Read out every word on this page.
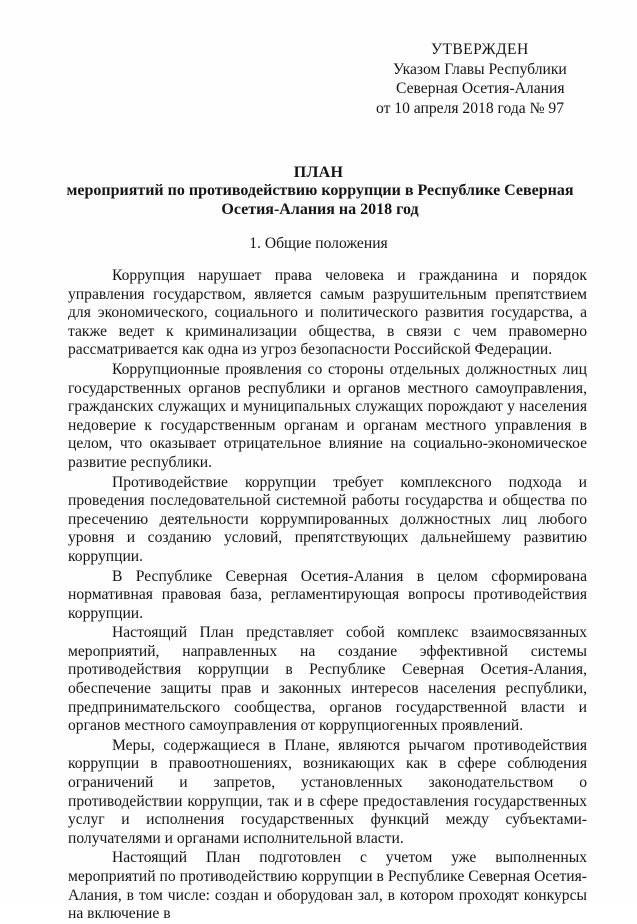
УТВЕРЖДЕН
Указом Главы Республики
Северная Осетия-Алания
от 10 апреля 2018 года № 97
ПЛАН
мероприятий по противодействию коррупции в Республике Северная Осетия-Алания на 2018 год
1. Общие положения

Коррупция нарушает права человека и гражданина и порядок управления государством, является самым разрушительным препятствием для экономического, социального и политического развития государства, а также ведет к криминализации общества, в связи с чем правомерно рассматривается как одна из угроз безопасности Российской Федерации.

Коррупционные проявления со стороны отдельных должностных лиц государственных органов республики и органов местного самоуправления, гражданских служащих и муниципальных служащих порождают у населения недоверие к государственным органам и органам местного управления в целом, что оказывает отрицательное влияние на социально-экономическое развитие республики.

Противодействие коррупции требует комплексного подхода и проведения последовательной системной работы государства и общества по пресечению деятельности коррумпированных должностных лиц любого уровня и созданию условий, препятствующих дальнейшему развитию коррупции.

В Республике Северная Осетия-Алания в целом сформирована нормативная правовая база, регламентирующая вопросы противодействия коррупции.

Настоящий План представляет собой комплекс взаимосвязанных мероприятий, направленных на создание эффективной системы противодействия коррупции в Республике Северная Осетия-Алания, обеспечение защиты прав и законных интересов населения республики, предпринимательского сообщества, органов государственной власти и органов местного самоуправления от коррупциогенных проявлений.

Меры, содержащиеся в Плане, являются рычагом противодействия коррупции в правоотношениях, возникающих как в сфере соблюдения ограничений и запретов, установленных законодательством о противодействии коррупции, так и в сфере предоставления государственных услуг и исполнения государственных функций между субъектами-получателями и органами исполнительной власти.

Настоящий План подготовлен с учетом уже выполненных мероприятий по противодействию коррупции в Республике Северная Осетия-Алания, в том числе: создан и оборудован зал, в котором проходят конкурсы на включение в
